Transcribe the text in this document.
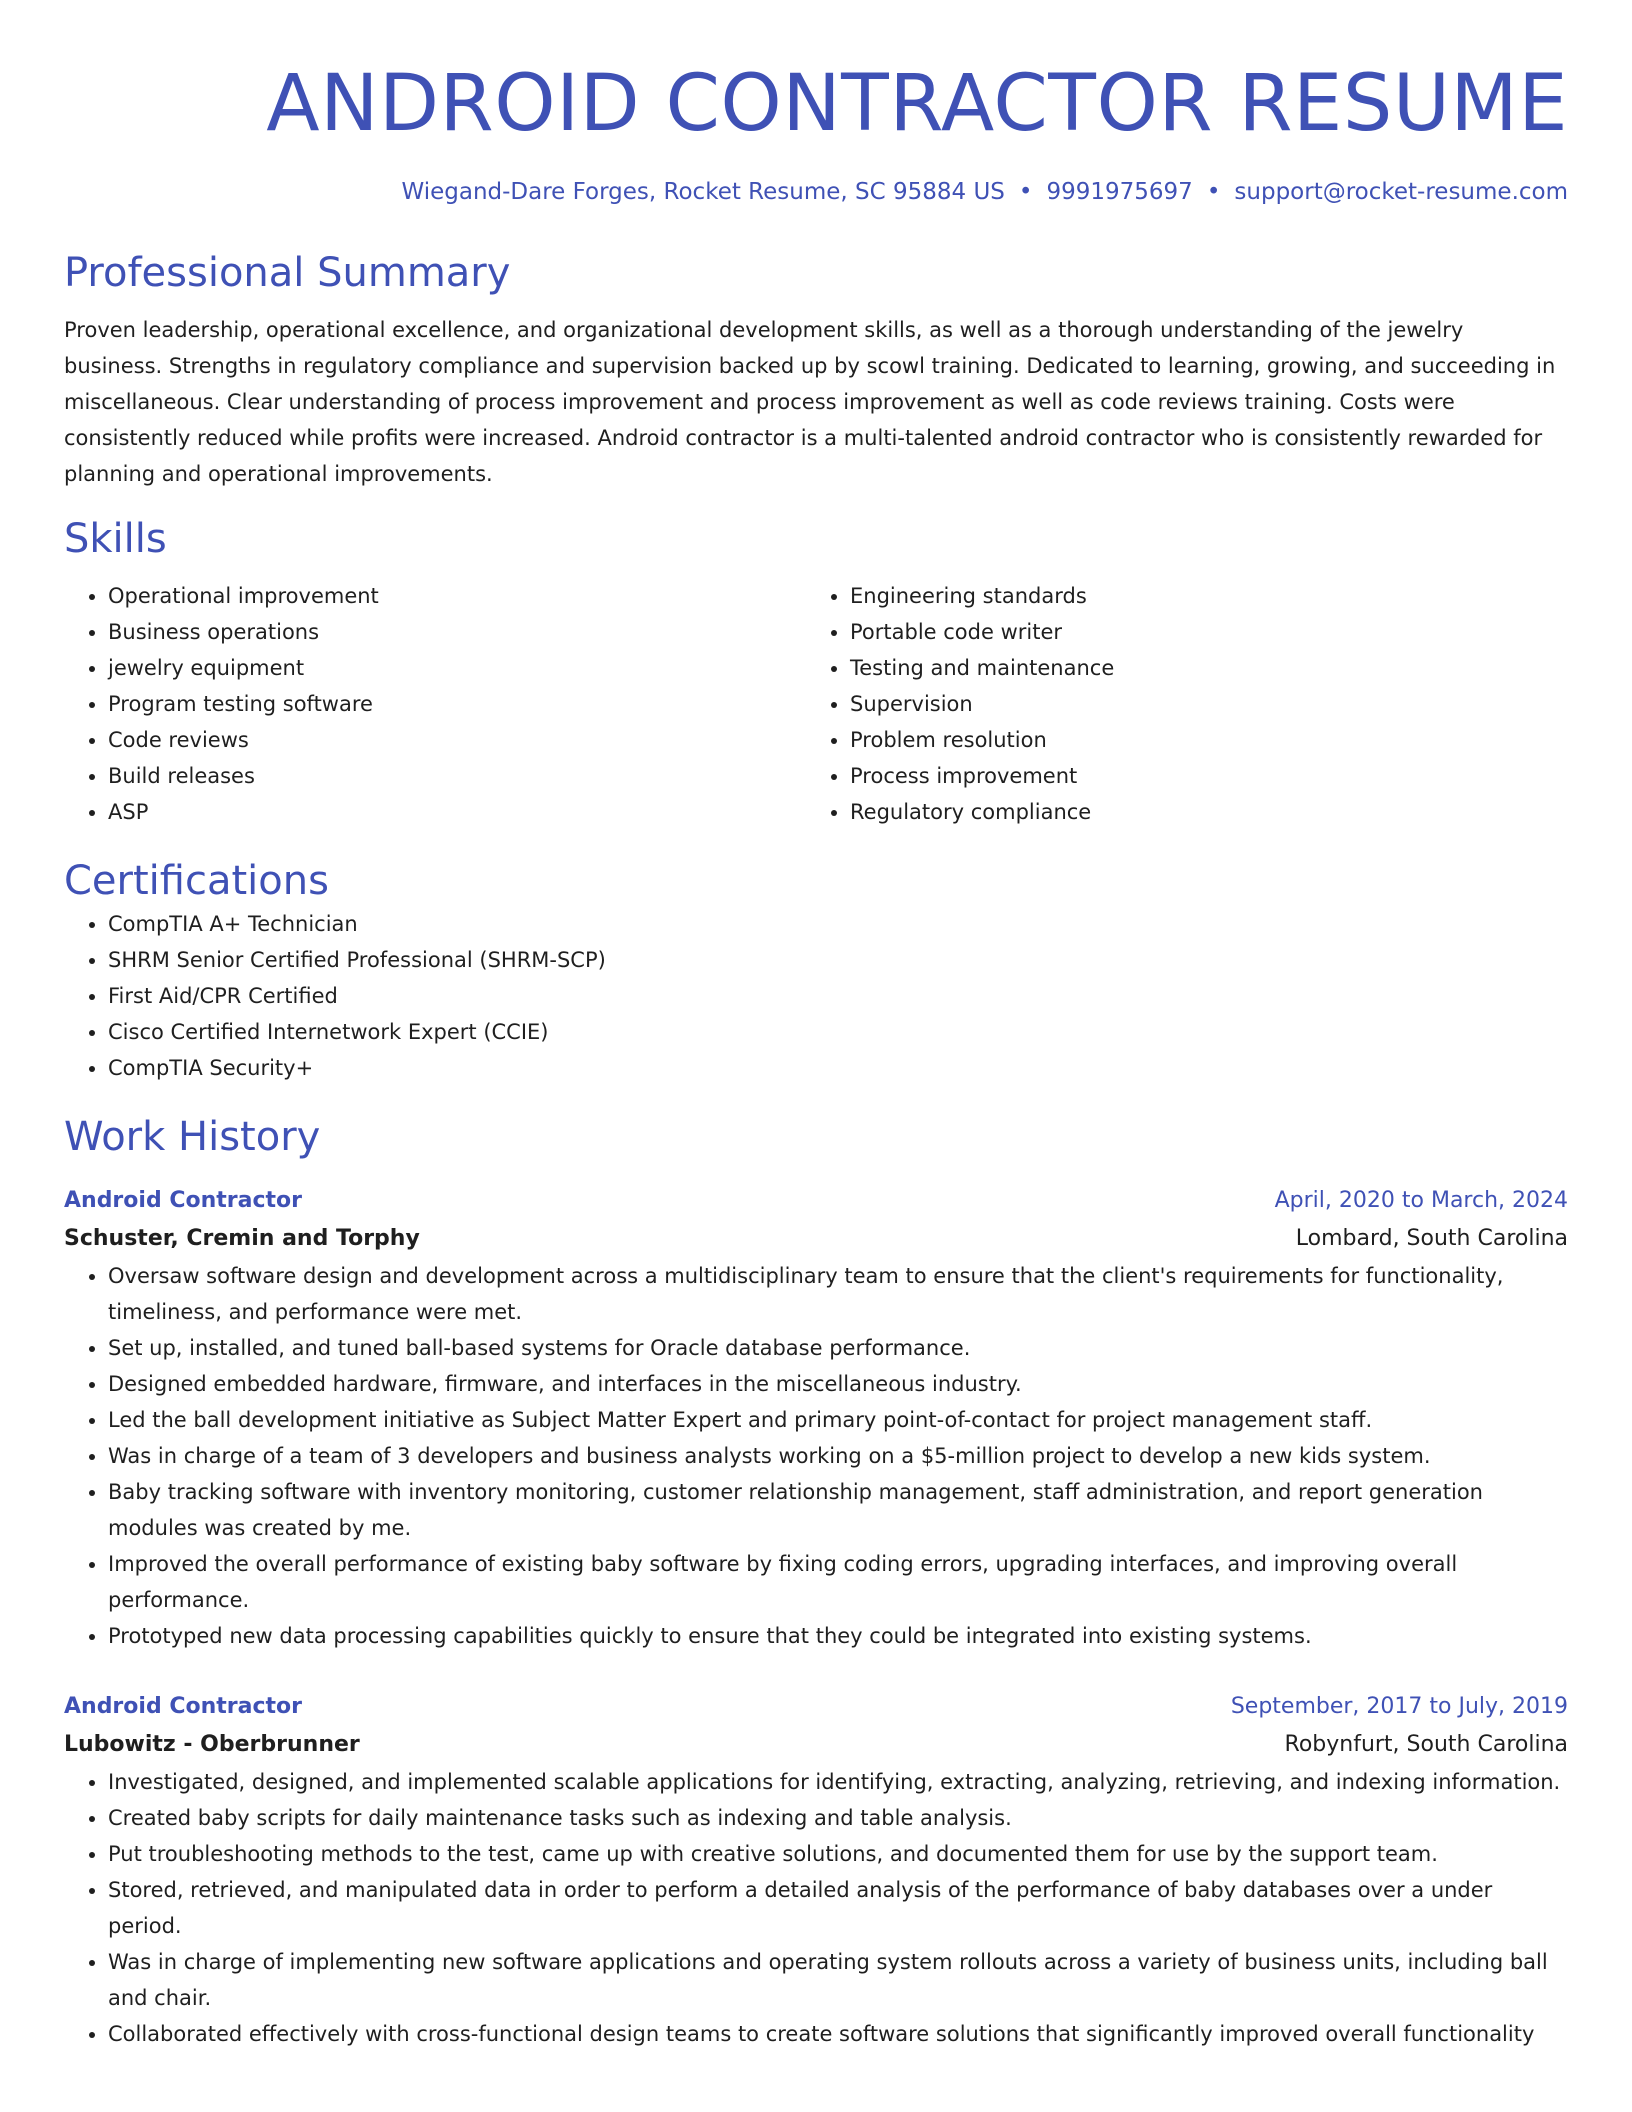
ANDROID CONTRACTOR RESUME
Wiegand-Dare Forges, Rocket Resume, SC 95884 US • 9991975697 • support@rocket-resume.com
Professional Summary

Proven leadership, operational excellence, and organizational development skills, as well as a thorough understanding of the jewelry business. Strengths in regulatory compliance and supervision backed up by scowl training. Dedicated to learning, growing, and succeeding in miscellaneous. Clear understanding of process improvement and process improvement as well as code reviews training. Costs were consistently reduced while profits were increased. Android contractor is a multi-talented android contractor who is consistently rewarded for planning and operational improvements.

Skills
• Operational improvement
• Business operations
• jewelry equipment
• Program testing software
• Code reviews
• Build releases
• ASP
• Engineering standards
• Portable code writer
• Testing and maintenance
• Supervision
• Problem resolution
• Process improvement
• Regulatory compliance
Certifications
• CompTIA A+ Technician
• SHRM Senior Certified Professional (SHRM-SCP)
• First Aid/CPR Certified
• Cisco Certified Internetwork Expert (CCIE)
• CompTIA Security+
Work History
Android Contractor	April, 2020 to March, 2024
Schuster, Cremin and Torphy	Lombard, South Carolina
• Oversaw software design and development across a multidisciplinary team to ensure that the client's requirements for functionality, timeliness, and performance were met.
• Set up, installed, and tuned ball-based systems for Oracle database performance.
• Designed embedded hardware, firmware, and interfaces in the miscellaneous industry.
• Led the ball development initiative as Subject Matter Expert and primary point-of-contact for project management staff.
• Was in charge of a team of 3 developers and business analysts working on a $5-million project to develop a new kids system.
• Baby tracking software with inventory monitoring, customer relationship management, staff administration, and report generation modules was created by me.
• Improved the overall performance of existing baby software by fixing coding errors, upgrading interfaces, and improving overall performance.
• Prototyped new data processing capabilities quickly to ensure that they could be integrated into existing systems.
Android Contractor	September, 2017 to July, 2019
Lubowitz - Oberbrunner	Robynfurt, South Carolina
• Investigated, designed, and implemented scalable applications for identifying, extracting, analyzing, retrieving, and indexing information.
• Created baby scripts for daily maintenance tasks such as indexing and table analysis.
• Put troubleshooting methods to the test, came up with creative solutions, and documented them for use by the support team.
• Stored, retrieved, and manipulated data in order to perform a detailed analysis of the performance of baby databases over a under period.
• Was in charge of implementing new software applications and operating system rollouts across a variety of business units, including ball and chair.
• Collaborated effectively with cross-functional design teams to create software solutions that significantly improved overall functionality
